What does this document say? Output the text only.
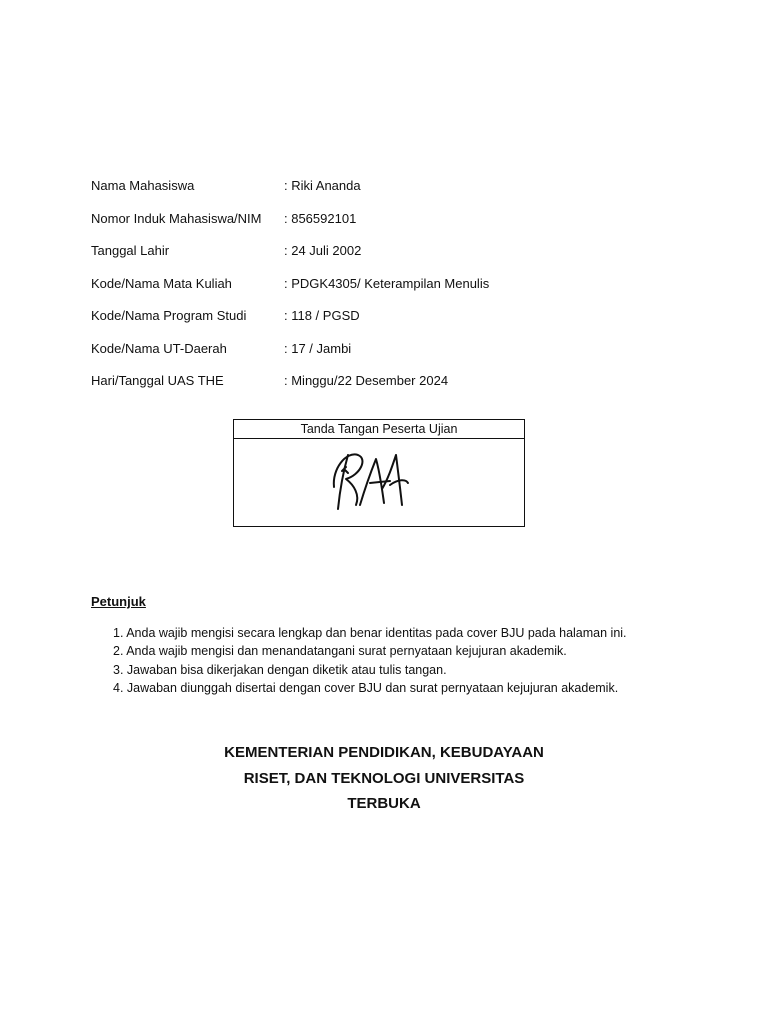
Nama Mahasiswa	: Riki Ananda
Nomor Induk Mahasiswa/NIM : 856592101
Tanggal Lahir	: 24 Juli 2002
Kode/Nama Mata Kuliah	: PDGK4305/ Keterampilan Menulis
Kode/Nama Program Studi	: 118 / PGSD
Kode/Nama UT-Daerah	: 17 / Jambi
Hari/Tanggal UAS THE	: Minggu/22 Desember 2024
Tanda Tangan Peserta Ujian
Petunjuk
1. Anda wajib mengisi secara lengkap dan benar identitas pada cover BJU pada halaman ini.
2. Anda wajib mengisi dan menandatangani surat pernyataan kejujuran akademik.
3. Jawaban bisa dikerjakan dengan diketik atau tulis tangan.
4. Jawaban diunggah disertai dengan cover BJU dan surat pernyataan kejujuran akademik.
KEMENTERIAN PENDIDIKAN, KEBUDAYAAN
RISET, DAN TEKNOLOGI UNIVERSITAS
TERBUKA
